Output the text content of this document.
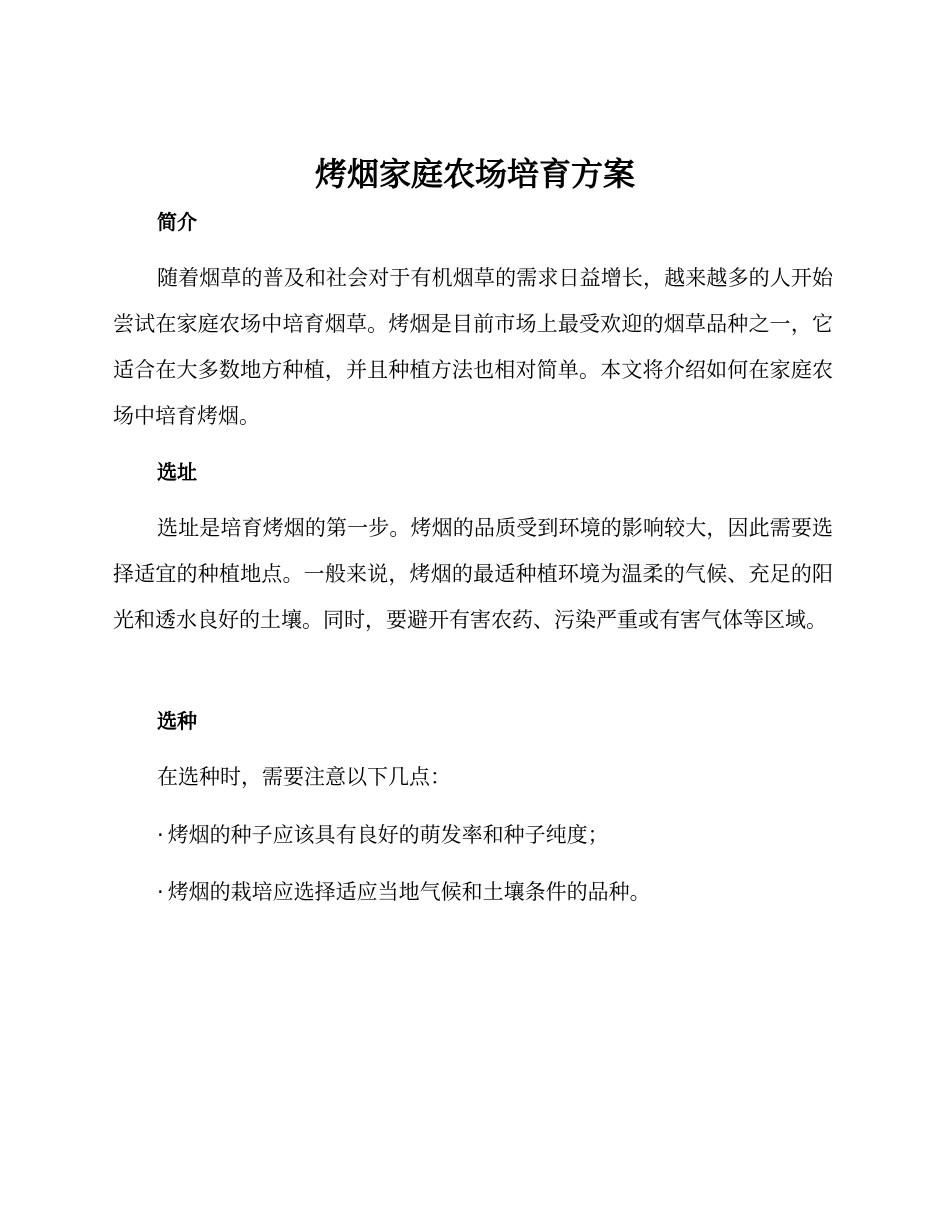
烤烟家庭农场培育方案
简介

随着烟草的普及和社会对于有机烟草的需求日益增长，越来越多的人开始尝试在家庭农场中培育烟草。烤烟是目前市场上最受欢迎的烟草品种之一，它适合在大多数地方种植，并且种植方法也相对简单。本文将介绍如何在家庭农场中培育烤烟。

选址

选址是培育烤烟的第一步。烤烟的品质受到环境的影响较大，因此需要选择适宜的种植地点。一般来说，烤烟的最适种植环境为温柔的气候、充足的阳光和透水良好的土壤。同时，要避开有害农药、污染严重或有害气体等区域。

选种

在选种时，需要注意以下几点：

· 烤烟的种子应该具有良好的萌发率和种子纯度；

· 烤烟的栽培应选择适应当地气候和土壤条件的品种。
